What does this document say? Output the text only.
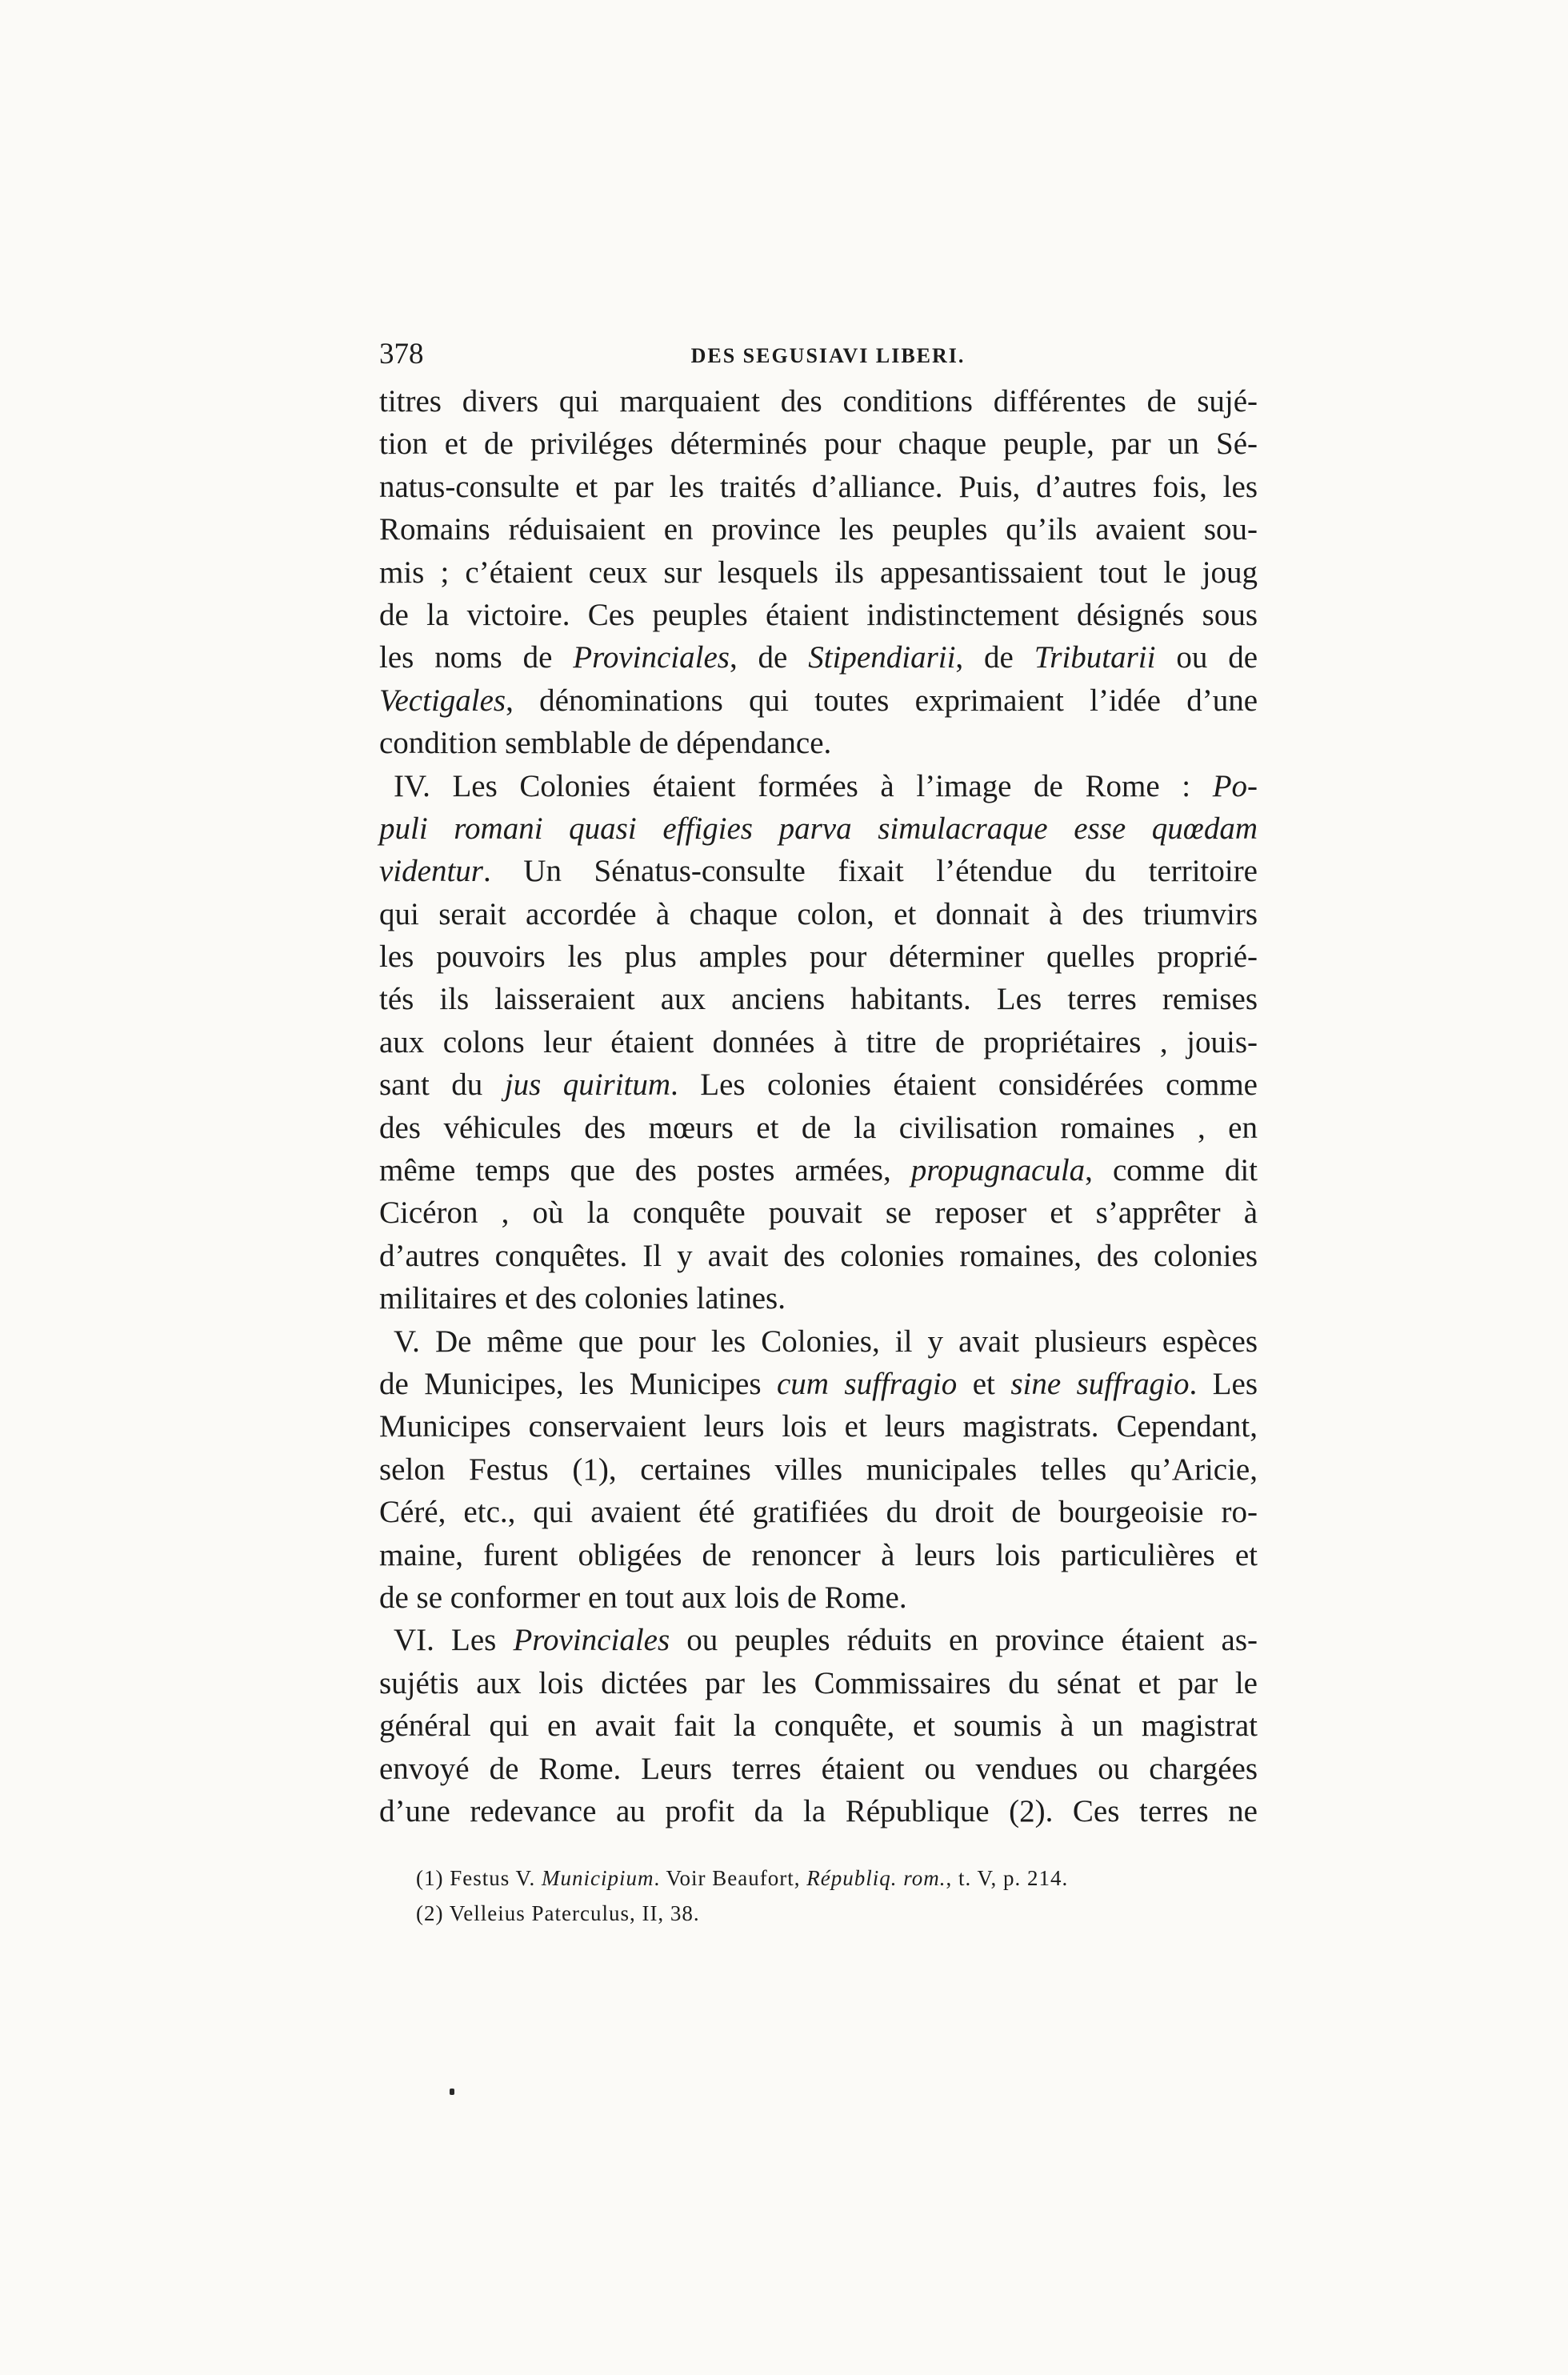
378	DES SEGUSIAVI LIBERI.
titres divers qui marquaient des conditions différentes de sujé-
tion et de priviléges déterminés pour chaque peuple, par un Sé-
natus-consulte et par les traités d’alliance. Puis, d’autres fois, les
Romains réduisaient en province les peuples qu’ils avaient sou-
mis ; c’étaient ceux sur lesquels ils appesantissaient tout le joug
de la victoire. Ces peuples étaient indistinctement désignés sous
les noms de Provinciales, de Stipendiarii, de Tributarii ou de
Vectigales, dénominations qui toutes exprimaient l’idée d’une
condition semblable de dépendance.
IV. Les Colonies étaient formées à l’image de Rome : Po-
puli romani quasi effigies parva simulacraque esse quœdam
videntur. Un Sénatus-consulte fixait l’étendue du territoire
qui serait accordée à chaque colon, et donnait à des triumvirs
les pouvoirs les plus amples pour déterminer quelles proprié-
tés ils laisseraient aux anciens habitants. Les terres remises
aux colons leur étaient données à titre de propriétaires , jouis-
sant du jus quiritum. Les colonies étaient considérées comme
des véhicules des mœurs et de la civilisation romaines , en
même temps que des postes armées, propugnacula, comme dit
Cicéron , où la conquête pouvait se reposer et s’apprêter à
d’autres conquêtes. Il y avait des colonies romaines, des colonies
militaires et des colonies latines.
V. De même que pour les Colonies, il y avait plusieurs espèces
de Municipes, les Municipes cum suffragio et sine suffragio. Les
Municipes conservaient leurs lois et leurs magistrats. Cependant,
selon Festus (1), certaines villes municipales telles qu’Aricie,
Céré, etc., qui avaient été gratifiées du droit de bourgeoisie ro-
maine, furent obligées de renoncer à leurs lois particulières et
de se conformer en tout aux lois de Rome.
VI. Les Provinciales ou peuples réduits en province étaient as-
sujétis aux lois dictées par les Commissaires du sénat et par le
général qui en avait fait la conquête, et soumis à un magistrat
envoyé de Rome. Leurs terres étaient ou vendues ou chargées
d’une redevance au profit da la République (2). Ces terres ne
(1) Festus V. Municipium. Voir Beaufort, Républiq. rom., t. V, p. 214.
(2) Velleius Paterculus, II, 38.
